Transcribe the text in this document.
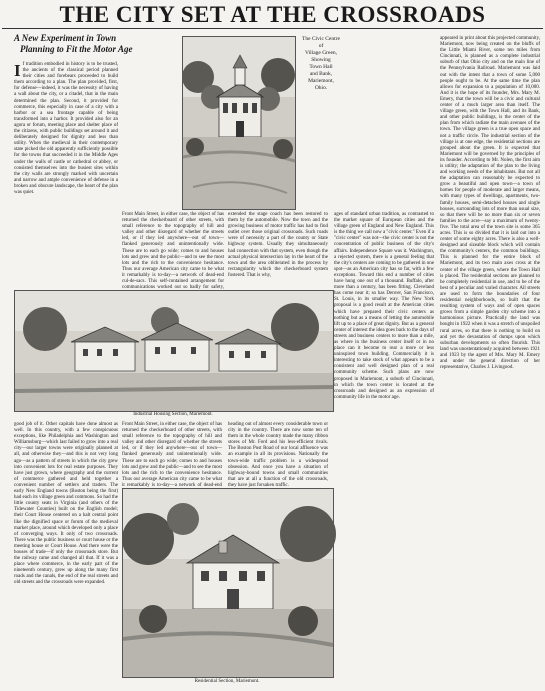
THE CITY SET AT THE CROSSROADS
A New Experiment in Town
Planning to Fit the Motor Age
I f tradition embodied in history is to be trusted, the ancients of the classical period planned their cities and forebears proceeded to build them according to a plan. The plan provided, first, for defense—indeed, it was the necessity of having a wall about the city, or a citadel, that in the main determined the plan. Second, it provided for commerce, this especially in case of a city with a harbor or a sea frontage capable of being transformed into a harbor. It provided also for an agora or forum, meeting place and shelter place of the citizens, with public buildings set around it and deliberately designed for dignity and less than utility. When the medieval in their contemporary state picked the old apparently sufficiently possible for the towns that succeeded it in the Middle Ages under the walls of castle or cathedral or abbey, or consisted themselves into the busiest sites within the city walls are strongly marked with uncertain and narrow and ample convenience of defense in a broken and obscure landscape, the heart of the plan was quiet.
Front Main Street, in either case, the object of has returned the checkerboard of other streets, with small reference to the topography of hill and valley and other disregard of whether the streets led, or if they led anywhere—out of town—flanked generously and unintentionally wide. These are to each go wide; comes to and houses lots and grew and the public—and to see the most lots and the rich to the convenience hesitance. Thus our average American city came to be what it remarkably is to-day—a network of dead-end cul-de-sacs. This self-contained arrangement for communications worked out so badly for safety,
extended the stage coach has been restored to them by the automobile. Now the town and the growing business of motor traffic has had to find outlet over those original crossroads. Such roads were of necessity a part of the county or State highway system. Usually they simultaneously had connection with that system, even though the actual physical intersection lay in the heart of the town and the area obliterated in the process by rectangularity which the checkerboard system fostered. That is why,
The Civic Centre
of
Village Green,
Showing
Town Hall
and Bank,
Mariemont,
Ohio.
ages of standard urban tradition, as contrasted to the market square of European cities and the village green of England and New England. This is the thing we call now a "civic center." Even if a "civic center" was not—the civic center is not the concentration of public business of the city's affairs. Independence Square was it. Washington, a rejected system, there is a general feeling that the city's centers are coming to be gathered in one spot—as an American city has so far, with a few exceptions. Toward this end a number of cities have hung one out of a thousand. Buffalo, after more than a century, has been fitting. Cleveland has come near it; so has Denver, San Francisco, St. Louis, in its smaller way. The New York proposal is a good result at the American cities which have prepared their civic centers as nothing but as a means of letting the automobile lift up to a place of great dignity. But as a general center of interest the idea goes back to the days of streets and business centers to more than a mile, as where in the business center itself or in no place can it become to rear a more or less uninspired town building. Commercially it is interesting to take stock of what appears to be a consistent and well designed plan of a real community scheme. Such plans are now proposed in Mariemont, a suburb of Cincinnati, in which the town center is located at the crossroads and designed as an expression of community life in the motor age.
appeared in print about this projected community, Mariemont, now being created on the bluffs of the Little Miami River, some ten miles from Cincinnati, is planned as a complete industrial suburb of that Ohio city and on the main line of the Pennsylvania Railroad. Mariemont was laid out with the intent that a town of some 5,000 people ought to be. At the same time the plan allows for expansion to a population of 10,000. And it is the hope of its founder, Mrs. Mary M. Emery, that the town will be a civic and cultural center of a much larger area than itself. The village green, with the Town Hall, and its Bank, and other public buildings, is the center of the plan from which radiate the main avenues of the town. The village green is a true open space and not a traffic circle. The industrial section of the village is at one edge, the residential sections are grouped about the green. It is expected that Mariemont will be governed by the principles of its founder. According to Mr. Nolen, the first aim is utility; the adaptation of the plan to the living and working needs of the inhabitants. But not all the adaptation can reasonably be expected to grow a beautiful and open town—a town of homes for people of moderate and larger means, with many types of dwellings, apartments, two-family houses, semi-detached houses and single houses, surrounding lots of more than usual size, so that there will be no more than six or seven families to the acre—say a maximum of twenty-five. The total area of the town site is some 365 acres. This is so divided that it is laid out into a center of some eighty acres. There is also a well-designed and sizeable block which will contain the community's centers, the common buildings. This is planned for the entire block of Mariemont, and its two main axes cross at the center of the village green, where the Town Hall is placed. The residential sections are planned to be completely residential in use, and to be of the best of a peculiar and varied character. All streets are used to form the boundaries of four residential neighborhoods, so built that the resulting system of ways and of open spaces grows from a simple garden city scheme into a harmonious picture. Practically the land was bought in 1922 when it was a stretch of unspoiled rural acres, so that there is nothing to build on and yet the devastation of dumps upon which suburban developments so often flourish. This land was unostentatiously acquired between 1921 and 1923 by the agent of Mrs. Mary M. Emery and under the general direction of her representative, Charles J. Livingood.
Industrial Housing Section, Mariemont.
good job of it. Other capitals have done almost as well. In this country, with a few conspicuous exceptions, like Philadelphia and Washington and Williamsburg—which last failed to grow into a real city—our larger towns were originally planned at all, and otherwise they—and this is not very long ago—as a pattern of streets in which the city grew into convenient lots for real estate purposes. They have just grown, where geography and the current of commerce gathered and held together a convenient number of settlers and traders. The early New England towns (Boston being the first) had each its village green and commons. So had the little county seats in Virginia (and others of the Tidewater Counties) built on the English model; their Court House centered on a halt central point like the dignified space or forum of the medieval market place, around which developed only a place of converging ways. It only of two crossroads. There was the public business or court house or the meeting house or Court House. And there were the houses of trade—if only the crossroads store. But the railway came and changed all that. If it was a place where commerce, in the early part of the nineteenth century, grew up along the many first roads and the canals, the end of the real streets and old streets and the crossroads were expanded.
Front Main Street, in either case, the object of has returned the checkerboard of other streets, with small reference to the topography of hill and valley and other disregard of whether the streets led, or if they led anywhere—out of town—flanked generously and unintentionally wide. These are to each go wide; comes to and houses lots and grew and the public—and to see the most lots and the rich to the convenience hesitance. Thus our average American city came to be what it remarkably is to-day—a network of dead-end
heading out of almost every considerable town or city in the country. There are now some ten of them in the whole country made the many ribbon stores of Mr. Ford and his less-efficient rivals. The Boston Post Road of our local affluence was an example in all its provisions. Nationally the town-wide traffic problem is a widespread obsession. And once you have a situation of highway-bound towns and small communities that are at all a function of the old crossroads, they have just forsaken traffic.
Residential Section, Mariemont.
